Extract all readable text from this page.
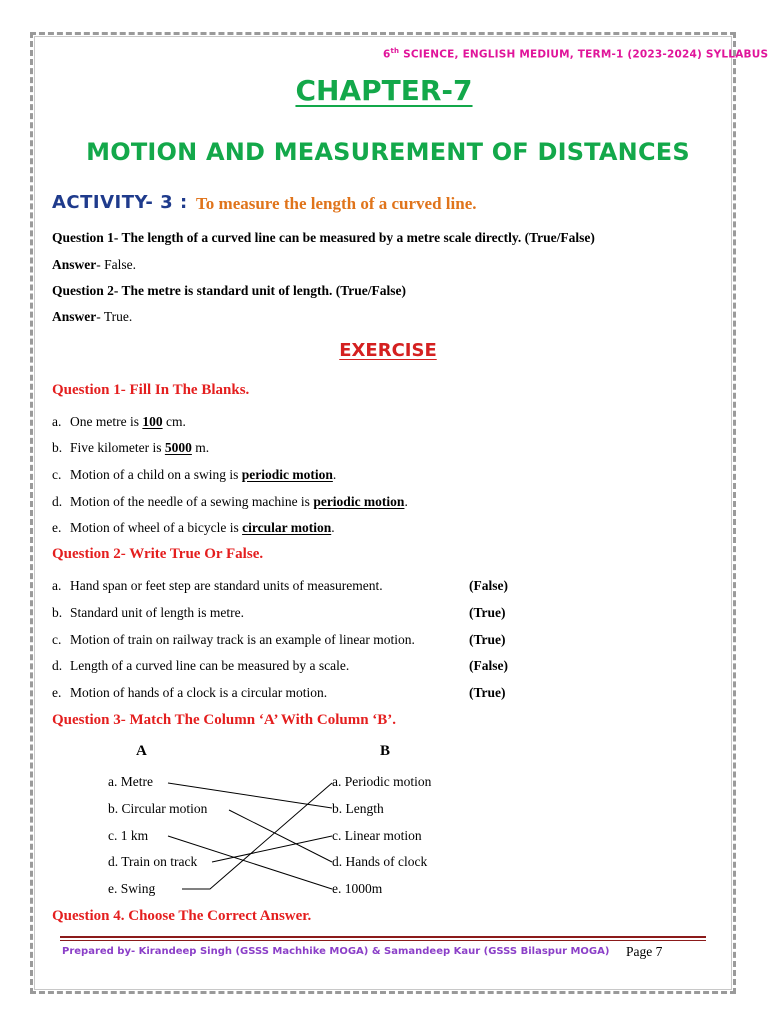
6th SCIENCE, ENGLISH MEDIUM, TERM-1 (2023-2024) SYLLABUS
CHAPTER-7
MOTION AND MEASUREMENT OF DISTANCES
ACTIVITY- 3 : To measure the length of a curved line.
Question 1- The length of a curved line can be measured by a metre scale directly. (True/False)
Answer- False.
Question 2- The metre is standard unit of length. (True/False)
Answer- True.
EXERCISE
Question 1- Fill In The Blanks.
a. One metre is 100 cm.
b. Five kilometer is 5000 m.
c. Motion of a child on a swing is periodic motion.
d. Motion of the needle of a sewing machine is periodic motion.
e. Motion of wheel of a bicycle is circular motion.
Question 2- Write True Or False.
a. Hand span or feet step are standard units of measurement.	(False)
b. Standard unit of length is metre.	(True)
c. Motion of train on railway track is an example of linear motion.	(True)
d. Length of a curved line can be measured by a scale.	(False)
e. Motion of hands of a clock is a circular motion.	(True)
Question 3- Match The Column ‘A’ With Column ‘B’.
A	B
a. Metre
b. Circular motion
c. 1 km
d. Train on track
e. Swing
a. Periodic motion
b. Length
c. Linear motion
d. Hands of clock
e. 1000m
Question 4. Choose The Correct Answer.
Prepared by- Kirandeep Singh (GSSS Machhike MOGA) & Samandeep Kaur (GSSS Bilaspur MOGA) Page 7
